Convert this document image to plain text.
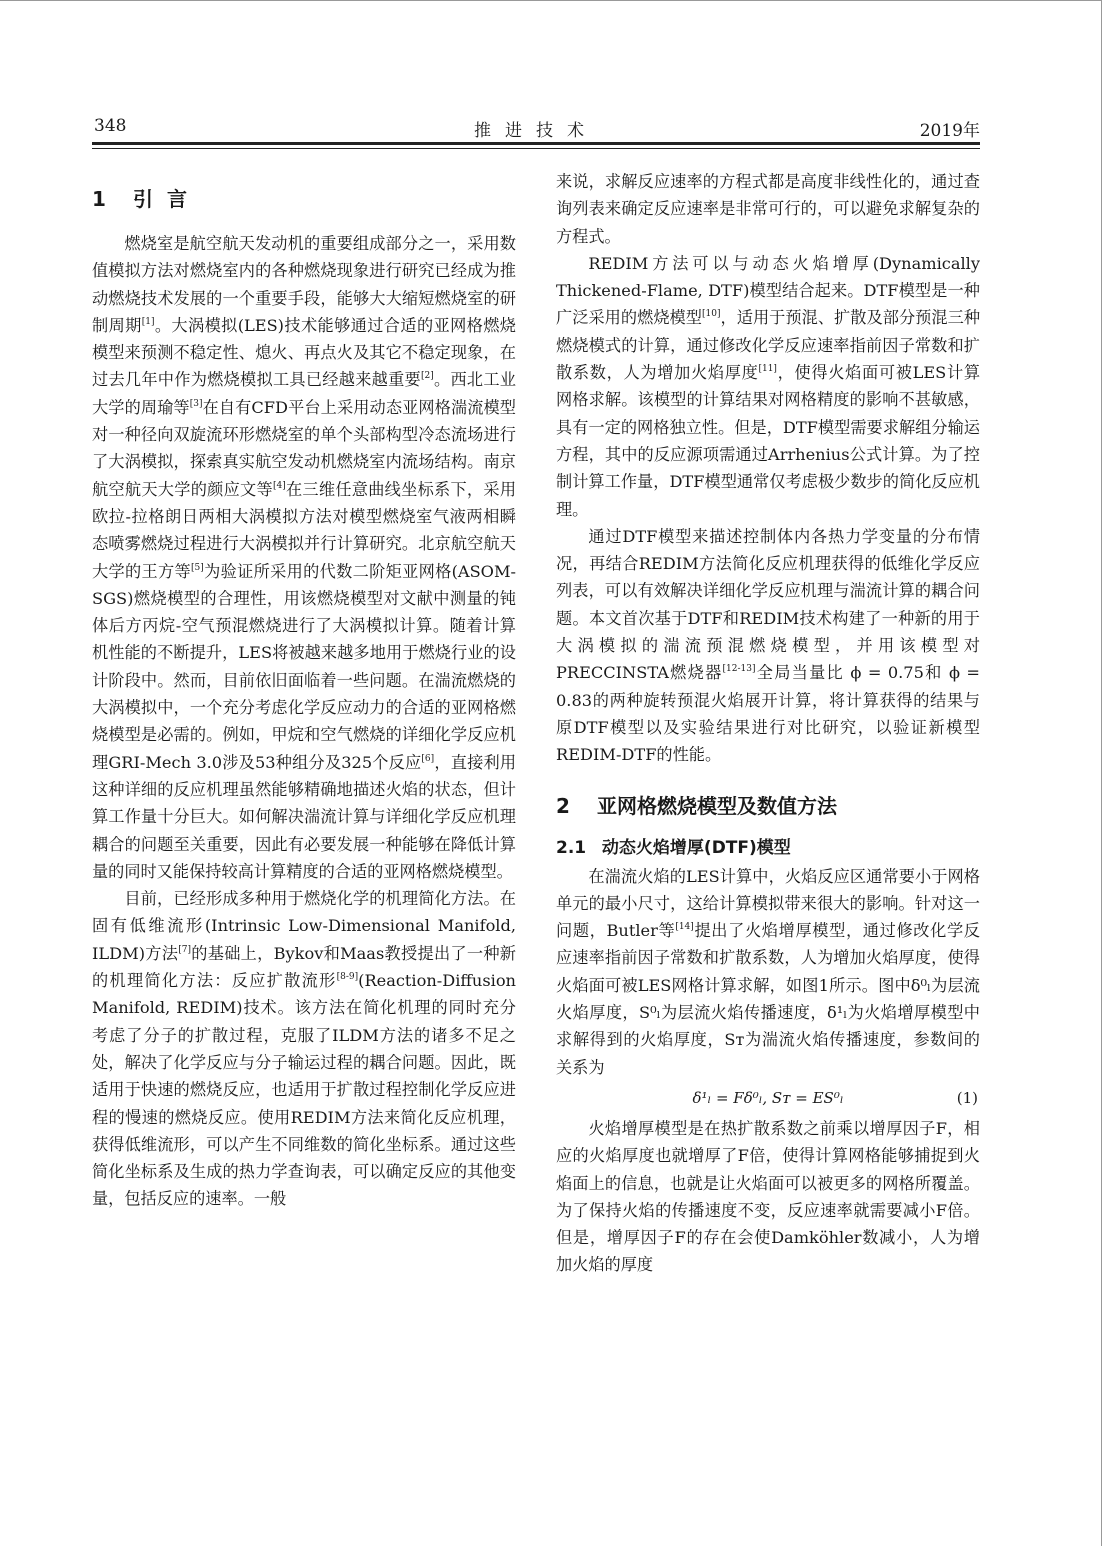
348	推进技术	2019年
1 引言

燃烧室是航空航天发动机的重要组成部分之一，采用数值模拟方法对燃烧室内的各种燃烧现象进行研究已经成为推动燃烧技术发展的一个重要手段，能够大大缩短燃烧室的研制周期[1]。大涡模拟(LES)技术能够通过合适的亚网格燃烧模型来预测不稳定性、熄火、再点火及其它不稳定现象，在过去几年中作为燃烧模拟工具已经越来越重要[2]。西北工业大学的周瑜等[3]在自有CFD平台上采用动态亚网格湍流模型对一种径向双旋流环形燃烧室的单个头部构型冷态流场进行了大涡模拟，探索真实航空发动机燃烧室内流场结构。南京航空航天大学的颜应文等[4]在三维任意曲线坐标系下，采用欧拉-拉格朗日两相大涡模拟方法对模型燃烧室气液两相瞬态喷雾燃烧过程进行大涡模拟并行计算研究。北京航空航天大学的王方等[5]为验证所采用的代数二阶矩亚网格(ASOM-SGS)燃烧模型的合理性，用该燃烧模型对文献中测量的钝体后方丙烷-空气预混燃烧进行了大涡模拟计算。随着计算机性能的不断提升，LES将被越来越多地用于燃烧行业的设计阶段中。然而，目前依旧面临着一些问题。在湍流燃烧的大涡模拟中，一个充分考虑化学反应动力的合适的亚网格燃烧模型是必需的。例如，甲烷和空气燃烧的详细化学反应机理GRI-Mech 3.0涉及53种组分及325个反应[6]，直接利用这种详细的反应机理虽然能够精确地描述火焰的状态，但计算工作量十分巨大。如何解决湍流计算与详细化学反应机理耦合的问题至关重要，因此有必要发展一种能够在降低计算量的同时又能保持较高计算精度的合适的亚网格燃烧模型。

目前，已经形成多种用于燃烧化学的机理简化方法。在固有低维流形(Intrinsic Low-Dimensional Manifold, ILDM)方法[7]的基础上，Bykov和Maas教授提出了一种新的机理简化方法：反应扩散流形[8-9](Reaction-Diffusion Manifold, REDIM)技术。该方法在简化机理的同时充分考虑了分子的扩散过程，克服了ILDM方法的诸多不足之处，解决了化学反应与分子输运过程的耦合问题。因此，既适用于快速的燃烧反应，也适用于扩散过程控制化学反应进程的慢速的燃烧反应。使用REDIM方法来简化反应机理，获得低维流形，可以产生不同维数的简化坐标系。通过这些简化坐标系及生成的热力学查询表，可以确定反应的其他变量，包括反应的速率。一般

来说，求解反应速率的方程式都是高度非线性化的，通过查询列表来确定反应速率是非常可行的，可以避免求解复杂的方程式。

REDIM方法可以与动态火焰增厚(Dynamically Thickened-Flame, DTF)模型结合起来。DTF模型是一种广泛采用的燃烧模型[10]，适用于预混、扩散及部分预混三种燃烧模式的计算，通过修改化学反应速率指前因子常数和扩散系数，人为增加火焰厚度[11]，使得火焰面可被LES计算网格求解。该模型的计算结果对网格精度的影响不甚敏感，具有一定的网格独立性。但是，DTF模型需要求解组分输运方程，其中的反应源项需通过Arrhenius公式计算。为了控制计算工作量，DTF模型通常仅考虑极少数步的简化反应机理。

通过DTF模型来描述控制体内各热力学变量的分布情况，再结合REDIM方法简化反应机理获得的低维化学反应列表，可以有效解决详细化学反应机理与湍流计算的耦合问题。本文首次基于DTF和REDIM技术构建了一种新的用于大涡模拟的湍流预混燃烧模型，并用该模型对PRECCINSTA燃烧器[12-13]全局当量比 ϕ = 0.75和 ϕ = 0.83的两种旋转预混火焰展开计算，将计算获得的结果与原DTF模型以及实验结果进行对比研究，以验证新模型REDIM-DTF的性能。

2 亚网格燃烧模型及数值方法
2.1 动态火焰增厚(DTF)模型

在湍流火焰的LES计算中，火焰反应区通常要小于网格单元的最小尺寸，这给计算模拟带来很大的影响。针对这一问题，Butler等[14]提出了火焰增厚模型，通过修改化学反应速率指前因子常数和扩散系数，人为增加火焰厚度，使得火焰面可被LES网格计算求解，如图1所示。图中δ⁰ₗ为层流火焰厚度，S⁰ₗ为层流火焰传播速度，δ¹ₗ为火焰增厚模型中求解得到的火焰厚度，Sᴛ为湍流火焰传播速度，参数间的关系为

δ¹ₗ = Fδ⁰ₗ, Sᴛ = ES⁰ₗ	(1)

火焰增厚模型是在热扩散系数之前乘以增厚因子F，相应的火焰厚度也就增厚了F倍，使得计算网格能够捕捉到火焰面上的信息，也就是让火焰面可以被更多的网格所覆盖。为了保持火焰的传播速度不变，反应速率就需要减小F倍。但是，增厚因子F的存在会使Damköhler数减小，人为增加火焰的厚度
